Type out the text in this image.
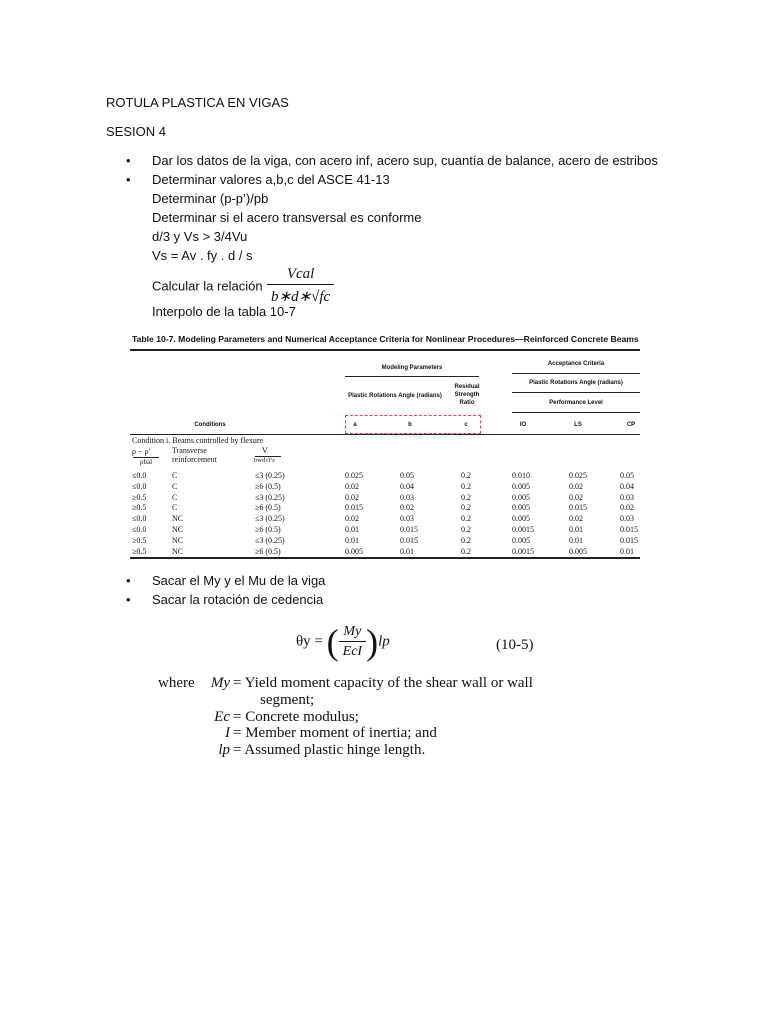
ROTULA PLASTICA EN VIGAS
SESION 4
• Dar los datos de la viga, con acero inf, acero sup, cuantía de balance, acero de estribos
• Determinar valores a,b,c del ASCE 41-13
Determinar (p-p’)/pb
Determinar si el acero transversal es conforme
d/3 y Vs > 3/4Vu
Vs = Av . fy . d / s
Calcular la relación $\frac{\text{Vcal}}{b∗d∗√fc}$
Interpolo de la tabla 10-7
Table 10-7. Modeling Parameters and Numerical Acceptance Criteria for Nonlinear Procedures—Reinforced Concrete Beams
Modeling Parameters
Acceptance Criteria
Plastic Rotations Angle (radians)
Performance Level
Plastic Rotations Angle (radians)
Residual Strength Ratio
Conditions	a	b	c	IO	LS	CP
Condition i. Beams controlled by flexure
ρ − ρ′
ρbal
Transverse reinforcement
V
bwd√f′c
≤0.0	C	≤3 (0.25)	0.025	0.05	0.2	0.010	0.025	0.05
≤0.0	C	≥6 (0.5)	0.02	0.04	0.2	0.005	0.02	0.04
≥0.5	C	≤3 (0.25)	0.02	0.03	0.2	0.005	0.02	0.03
≥0.5	C	≥6 (0.5)	0.015	0.02	0.2	0.005	0.015	0.02
≤0.0	NC	≤3 (0.25)	0.02	0.03	0.2	0.005	0.02	0.03
≤0.0	NC	≥6 (0.5)	0.01	0.015	0.2	0.0015	0.01	0.015
≥0.5	NC	≤3 (0.25)	0.01	0.015	0.2	0.005	0.01	0.015
≥0.5	NC	≥6 (0.5)	0.005	0.01	0.2	0.0015	0.005	0.01
• Sacar el My y el Mu de la viga
• Sacar la rotación de cedencia
θy = ( $\frac{My}{\text{EcI}} )lp$	(10-5)
where	My = Yield moment capacity of the shear wall or wall
segment;
Ec = Concrete modulus;
I = Member moment of inertia; and
lp = Assumed plastic hinge length.
